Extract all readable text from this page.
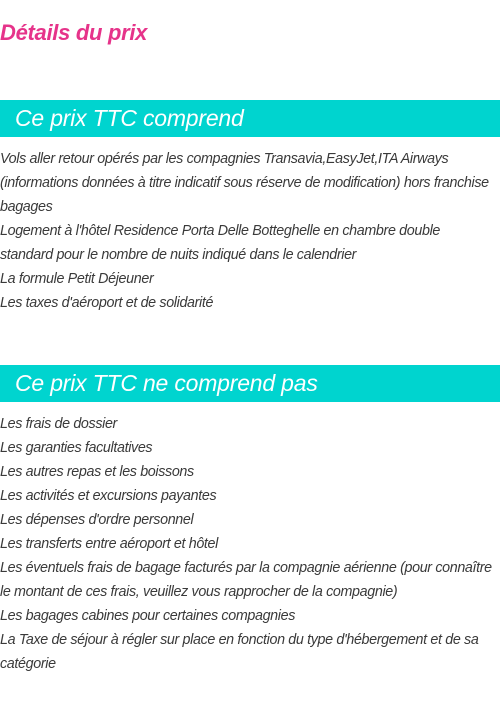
Détails du prix
Ce prix TTC comprend
Vols aller retour opérés par les compagnies Transavia,EasyJet,ITA Airways (informations données à titre indicatif sous réserve de modification) hors franchise bagages
Logement à l'hôtel Residence Porta Delle Botteghelle en chambre double standard pour le nombre de nuits indiqué dans le calendrier
La formule Petit Déjeuner
Les taxes d'aéroport et de solidarité
Ce prix TTC ne comprend pas
Les frais de dossier
Les garanties facultatives
Les autres repas et les boissons
Les activités et excursions payantes
Les dépenses d'ordre personnel
Les transferts entre aéroport et hôtel
Les éventuels frais de bagage facturés par la compagnie aérienne (pour connaître le montant de ces frais, veuillez vous rapprocher de la compagnie)
Les bagages cabines pour certaines compagnies
La Taxe de séjour à régler sur place en fonction du type d'hébergement et de sa catégorie
